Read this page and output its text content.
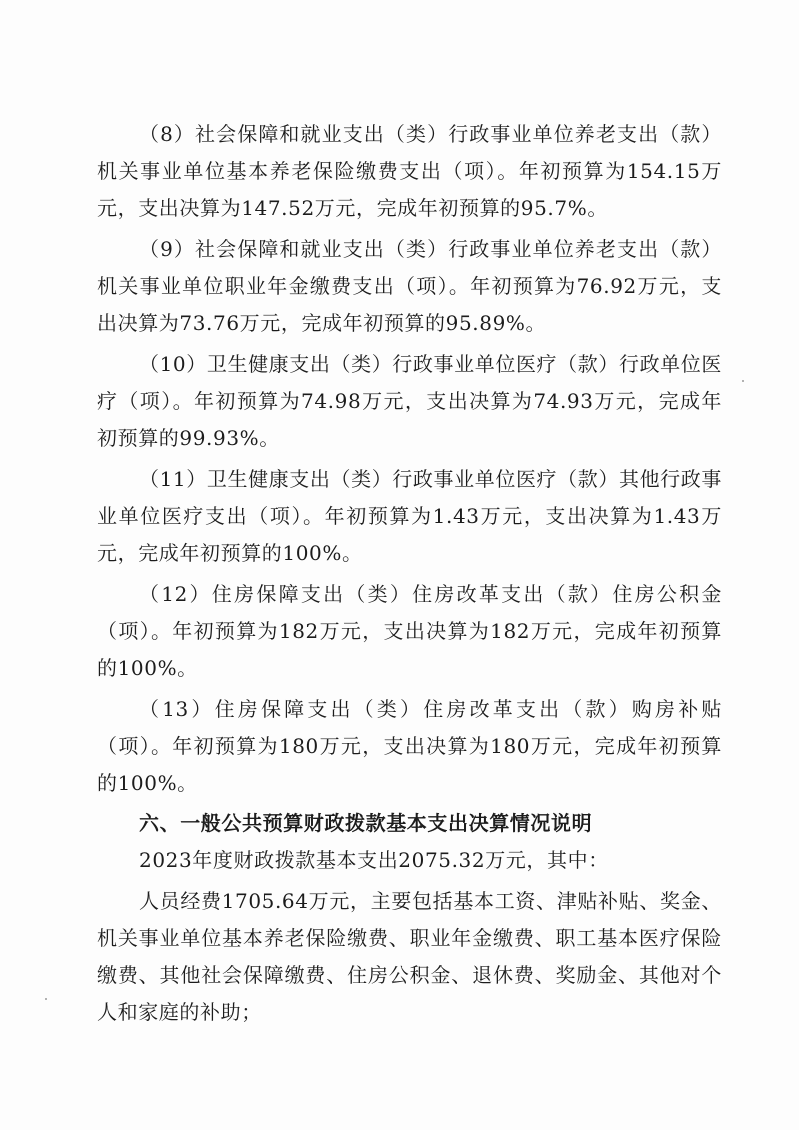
（8）社会保障和就业支出（类）行政事业单位养老支出（款）机关事业单位基本养老保险缴费支出（项）。年初预算为154.15万元，支出决算为147.52万元，完成年初预算的95.7%。

（9）社会保障和就业支出（类）行政事业单位养老支出（款）机关事业单位职业年金缴费支出（项）。年初预算为76.92万元，支出决算为73.76万元，完成年初预算的95.89%。

（10）卫生健康支出（类）行政事业单位医疗（款）行政单位医疗（项）。年初预算为74.98万元，支出决算为74.93万元，完成年初预算的99.93%。

（11）卫生健康支出（类）行政事业单位医疗（款）其他行政事业单位医疗支出（项）。年初预算为1.43万元，支出决算为1.43万元，完成年初预算的100%。

（12）住房保障支出（类）住房改革支出（款）住房公积金（项）。年初预算为182万元，支出决算为182万元，完成年初预算的100%。

（13）住房保障支出（类）住房改革支出（款）购房补贴（项）。年初预算为180万元，支出决算为180万元，完成年初预算的100%。

六、一般公共预算财政拨款基本支出决算情况说明

2023年度财政拨款基本支出2075.32万元，其中：

人员经费1705.64万元，主要包括基本工资、津贴补贴、奖金、机关事业单位基本养老保险缴费、职业年金缴费、职工基本医疗保险缴费、其他社会保障缴费、住房公积金、退休费、奖励金、其他对个人和家庭的补助；
